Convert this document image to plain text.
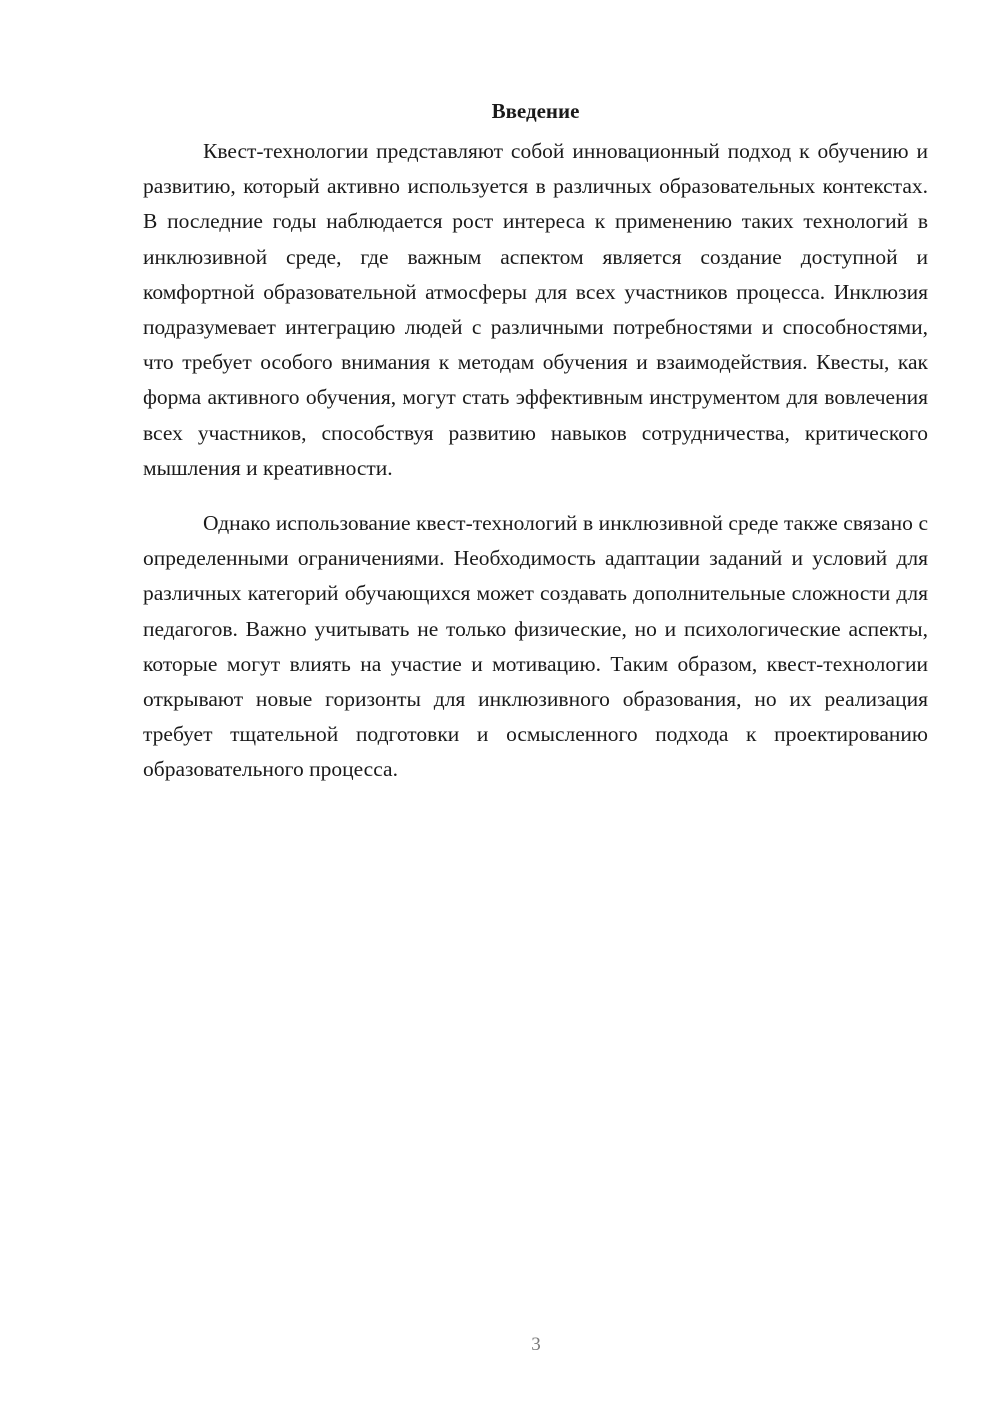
Введение

Квест-технологии представляют собой инновационный подход к обучению и развитию, который активно используется в различных образовательных контекстах. В последние годы наблюдается рост интереса к применению таких технологий в инклюзивной среде, где важным аспектом является создание доступной и комфортной образовательной атмосферы для всех участников процесса. Инклюзия подразумевает интеграцию людей с различными потребностями и способностями, что требует особого внимания к методам обучения и взаимодействия. Квесты, как форма активного обучения, могут стать эффективным инструментом для вовлечения всех участников, способствуя развитию навыков сотрудничества, критического мышления и креативности.

Однако использование квест-технологий в инклюзивной среде также связано с определенными ограничениями. Необходимость адаптации заданий и условий для различных категорий обучающихся может создавать дополнительные сложности для педагогов. Важно учитывать не только физические, но и психологические аспекты, которые могут влиять на участие и мотивацию. Таким образом, квест-технологии открывают новые горизонты для инклюзивного образования, но их реализация требует тщательной подготовки и осмысленного подхода к проектированию образовательного процесса.

3
